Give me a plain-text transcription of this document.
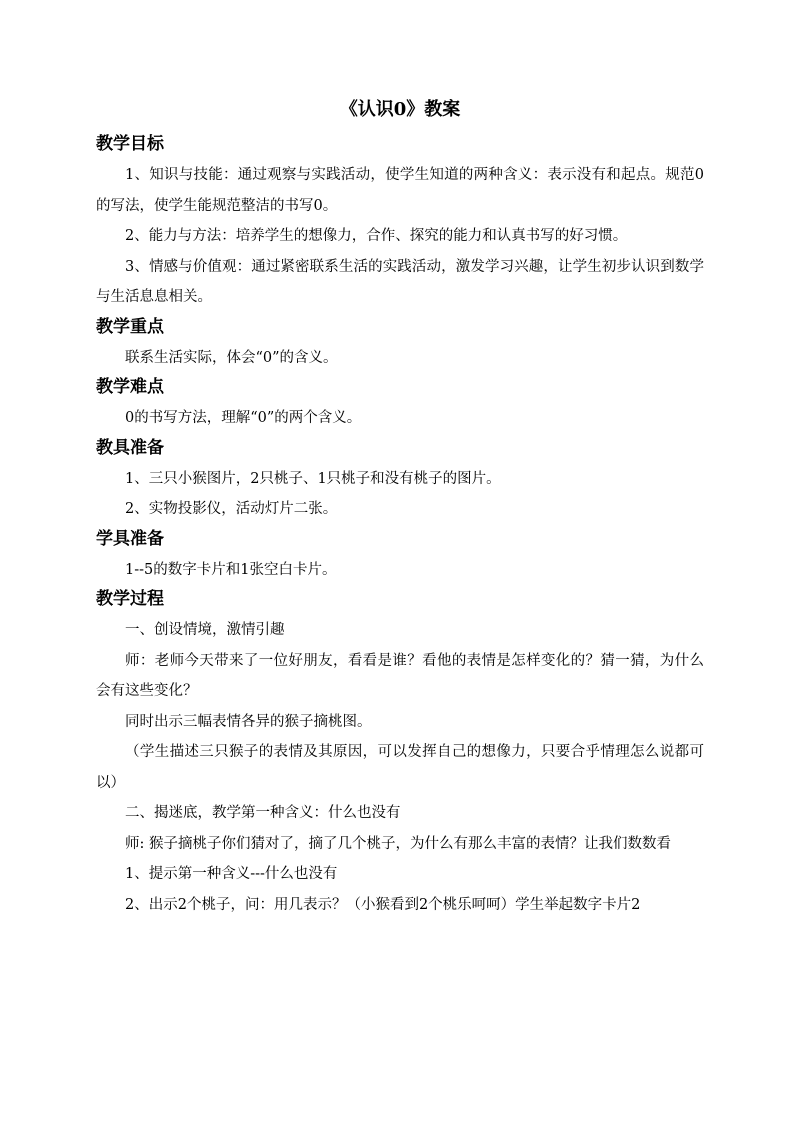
《认识0》教案
教学目标

1、知识与技能：通过观察与实践活动，使学生知道的两种含义：表示没有和起点。规范0的写法，使学生能规范整洁的书写0。

2、能力与方法：培养学生的想像力，合作、探究的能力和认真书写的好习惯。

3、情感与价值观：通过紧密联系生活的实践活动，激发学习兴趣，让学生初步认识到数学与生活息息相关。

教学重点

联系生活实际，体会“0”的含义。

教学难点

0的书写方法，理解“0”的两个含义。

教具准备

1、三只小猴图片，2只桃子、1只桃子和没有桃子的图片。

2、实物投影仪，活动灯片二张。

学具准备

1--5的数字卡片和1张空白卡片。

教学过程

一、创设情境，激情引趣

师：老师今天带来了一位好朋友，看看是谁？看他的表情是怎样变化的？猜一猜，为什么会有这些变化？

同时出示三幅表情各异的猴子摘桃图。

（学生描述三只猴子的表情及其原因，可以发挥自己的想像力，只要合乎情理怎么说都可以）

二、揭迷底，教学第一种含义：什么也没有

师: 猴子摘桃子你们猜对了，摘了几个桃子，为什么有那么丰富的表情？让我们数数看

1、提示第一种含义---什么也没有

2、出示2个桃子，问：用几表示？（小猴看到2个桃乐呵呵）学生举起数字卡片2
